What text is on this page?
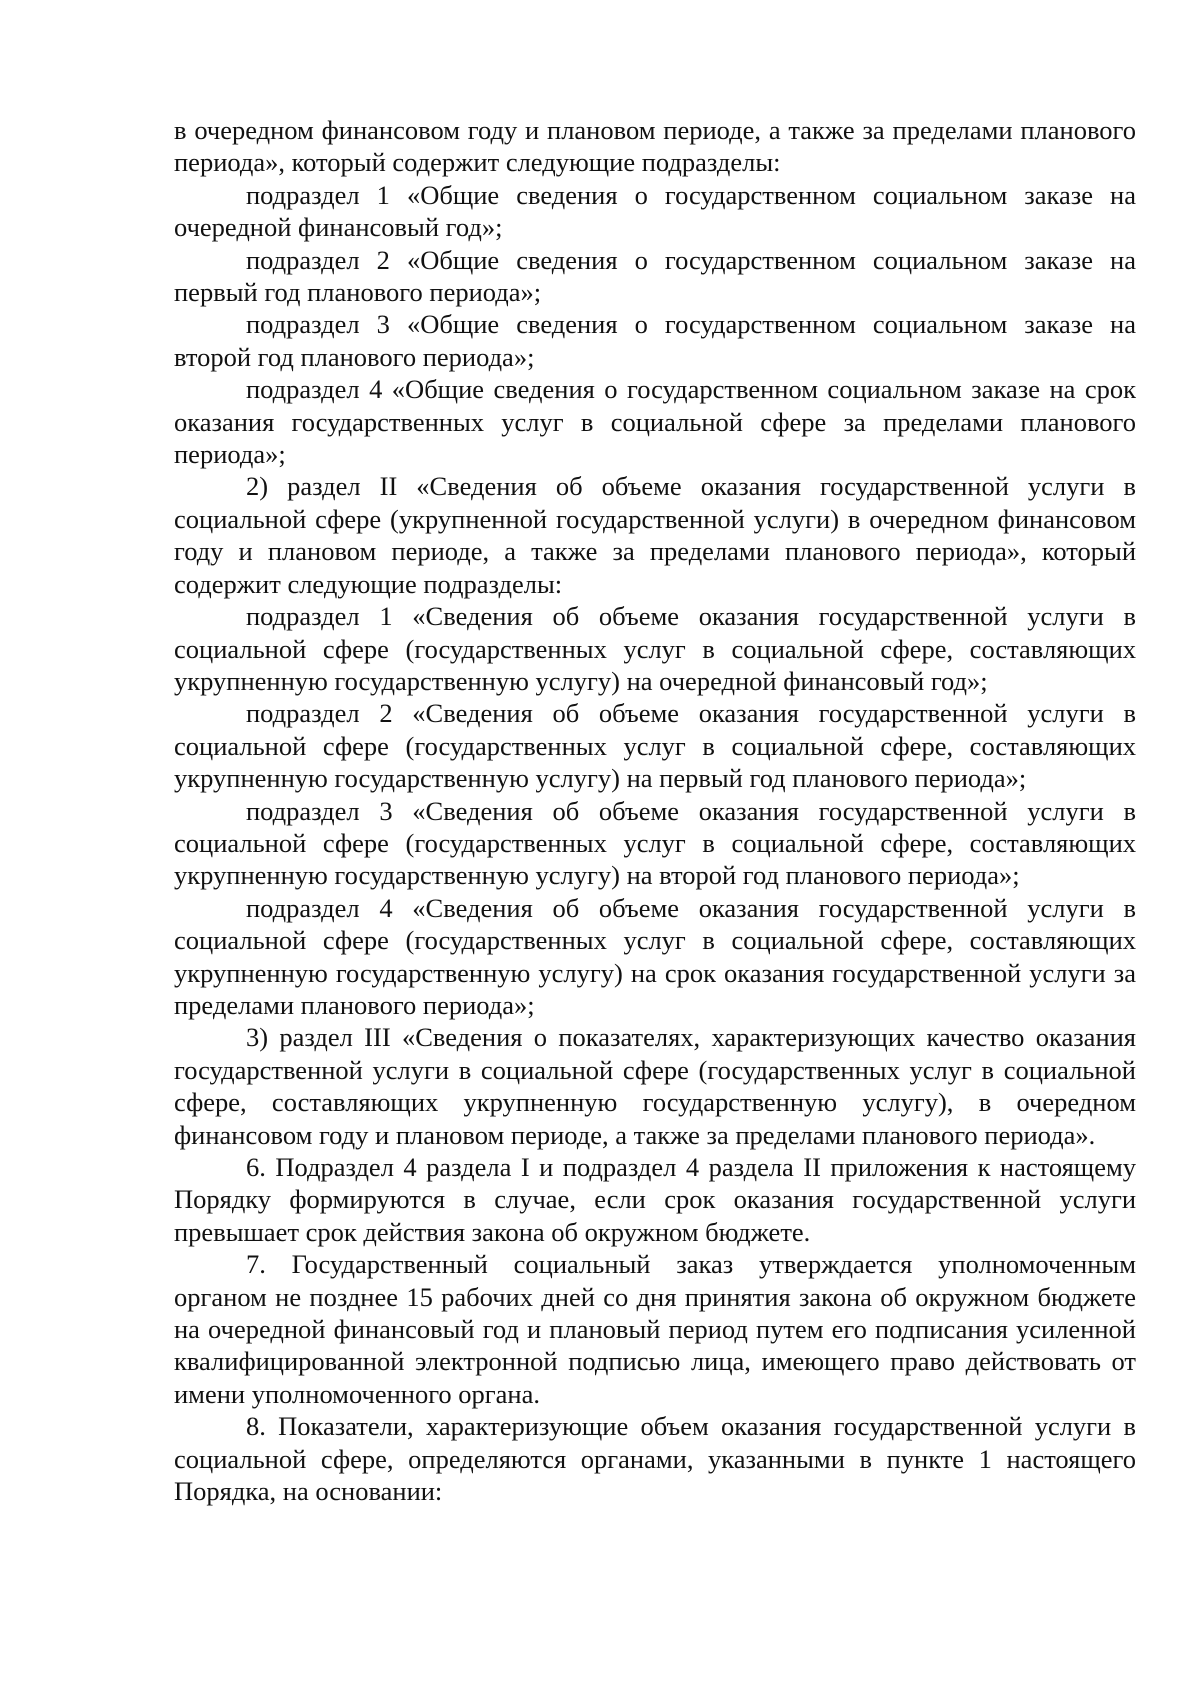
в очередном финансовом году и плановом периоде, а также за пределами планового периода», который содержит следующие подразделы:

подраздел 1 «Общие сведения о государственном социальном заказе на очередной финансовый год»;

подраздел 2 «Общие сведения о государственном социальном заказе на первый год планового периода»;

подраздел 3 «Общие сведения о государственном социальном заказе на второй год планового периода»;

подраздел 4 «Общие сведения о государственном социальном заказе на срок оказания государственных услуг в социальной сфере за пределами планового периода»;

2) раздел II «Сведения об объеме оказания государственной услуги в социальной сфере (укрупненной государственной услуги) в очередном финансовом году и плановом периоде, а также за пределами планового периода», который содержит следующие подразделы:

подраздел 1 «Сведения об объеме оказания государственной услуги в социальной сфере (государственных услуг в социальной сфере, составляющих укрупненную государственную услугу) на очередной финансовый год»;

подраздел 2 «Сведения об объеме оказания государственной услуги в социальной сфере (государственных услуг в социальной сфере, составляющих укрупненную государственную услугу) на первый год планового периода»;

подраздел 3 «Сведения об объеме оказания государственной услуги в социальной сфере (государственных услуг в социальной сфере, составляющих укрупненную государственную услугу) на второй год планового периода»;

подраздел 4 «Сведения об объеме оказания государственной услуги в социальной сфере (государственных услуг в социальной сфере, составляющих укрупненную государственную услугу) на срок оказания государственной услуги за пределами планового периода»;

3) раздел III «Сведения о показателях, характеризующих качество оказания государственной услуги в социальной сфере (государственных услуг в социальной сфере, составляющих укрупненную государственную услугу), в очередном финансовом году и плановом периоде, а также за пределами планового периода».

6. Подраздел 4 раздела I и подраздел 4 раздела II приложения к настоящему Порядку формируются в случае, если срок оказания государственной услуги превышает срок действия закона об окружном бюджете.

7. Государственный социальный заказ утверждается уполномоченным органом не позднее 15 рабочих дней со дня принятия закона об окружном бюджете на очередной финансовый год и плановый период путем его подписания усиленной квалифицированной электронной подписью лица, имеющего право действовать от имени уполномоченного органа.

8. Показатели, характеризующие объем оказания государственной услуги в социальной сфере, определяются органами, указанными в пункте 1 настоящего Порядка, на основании:
